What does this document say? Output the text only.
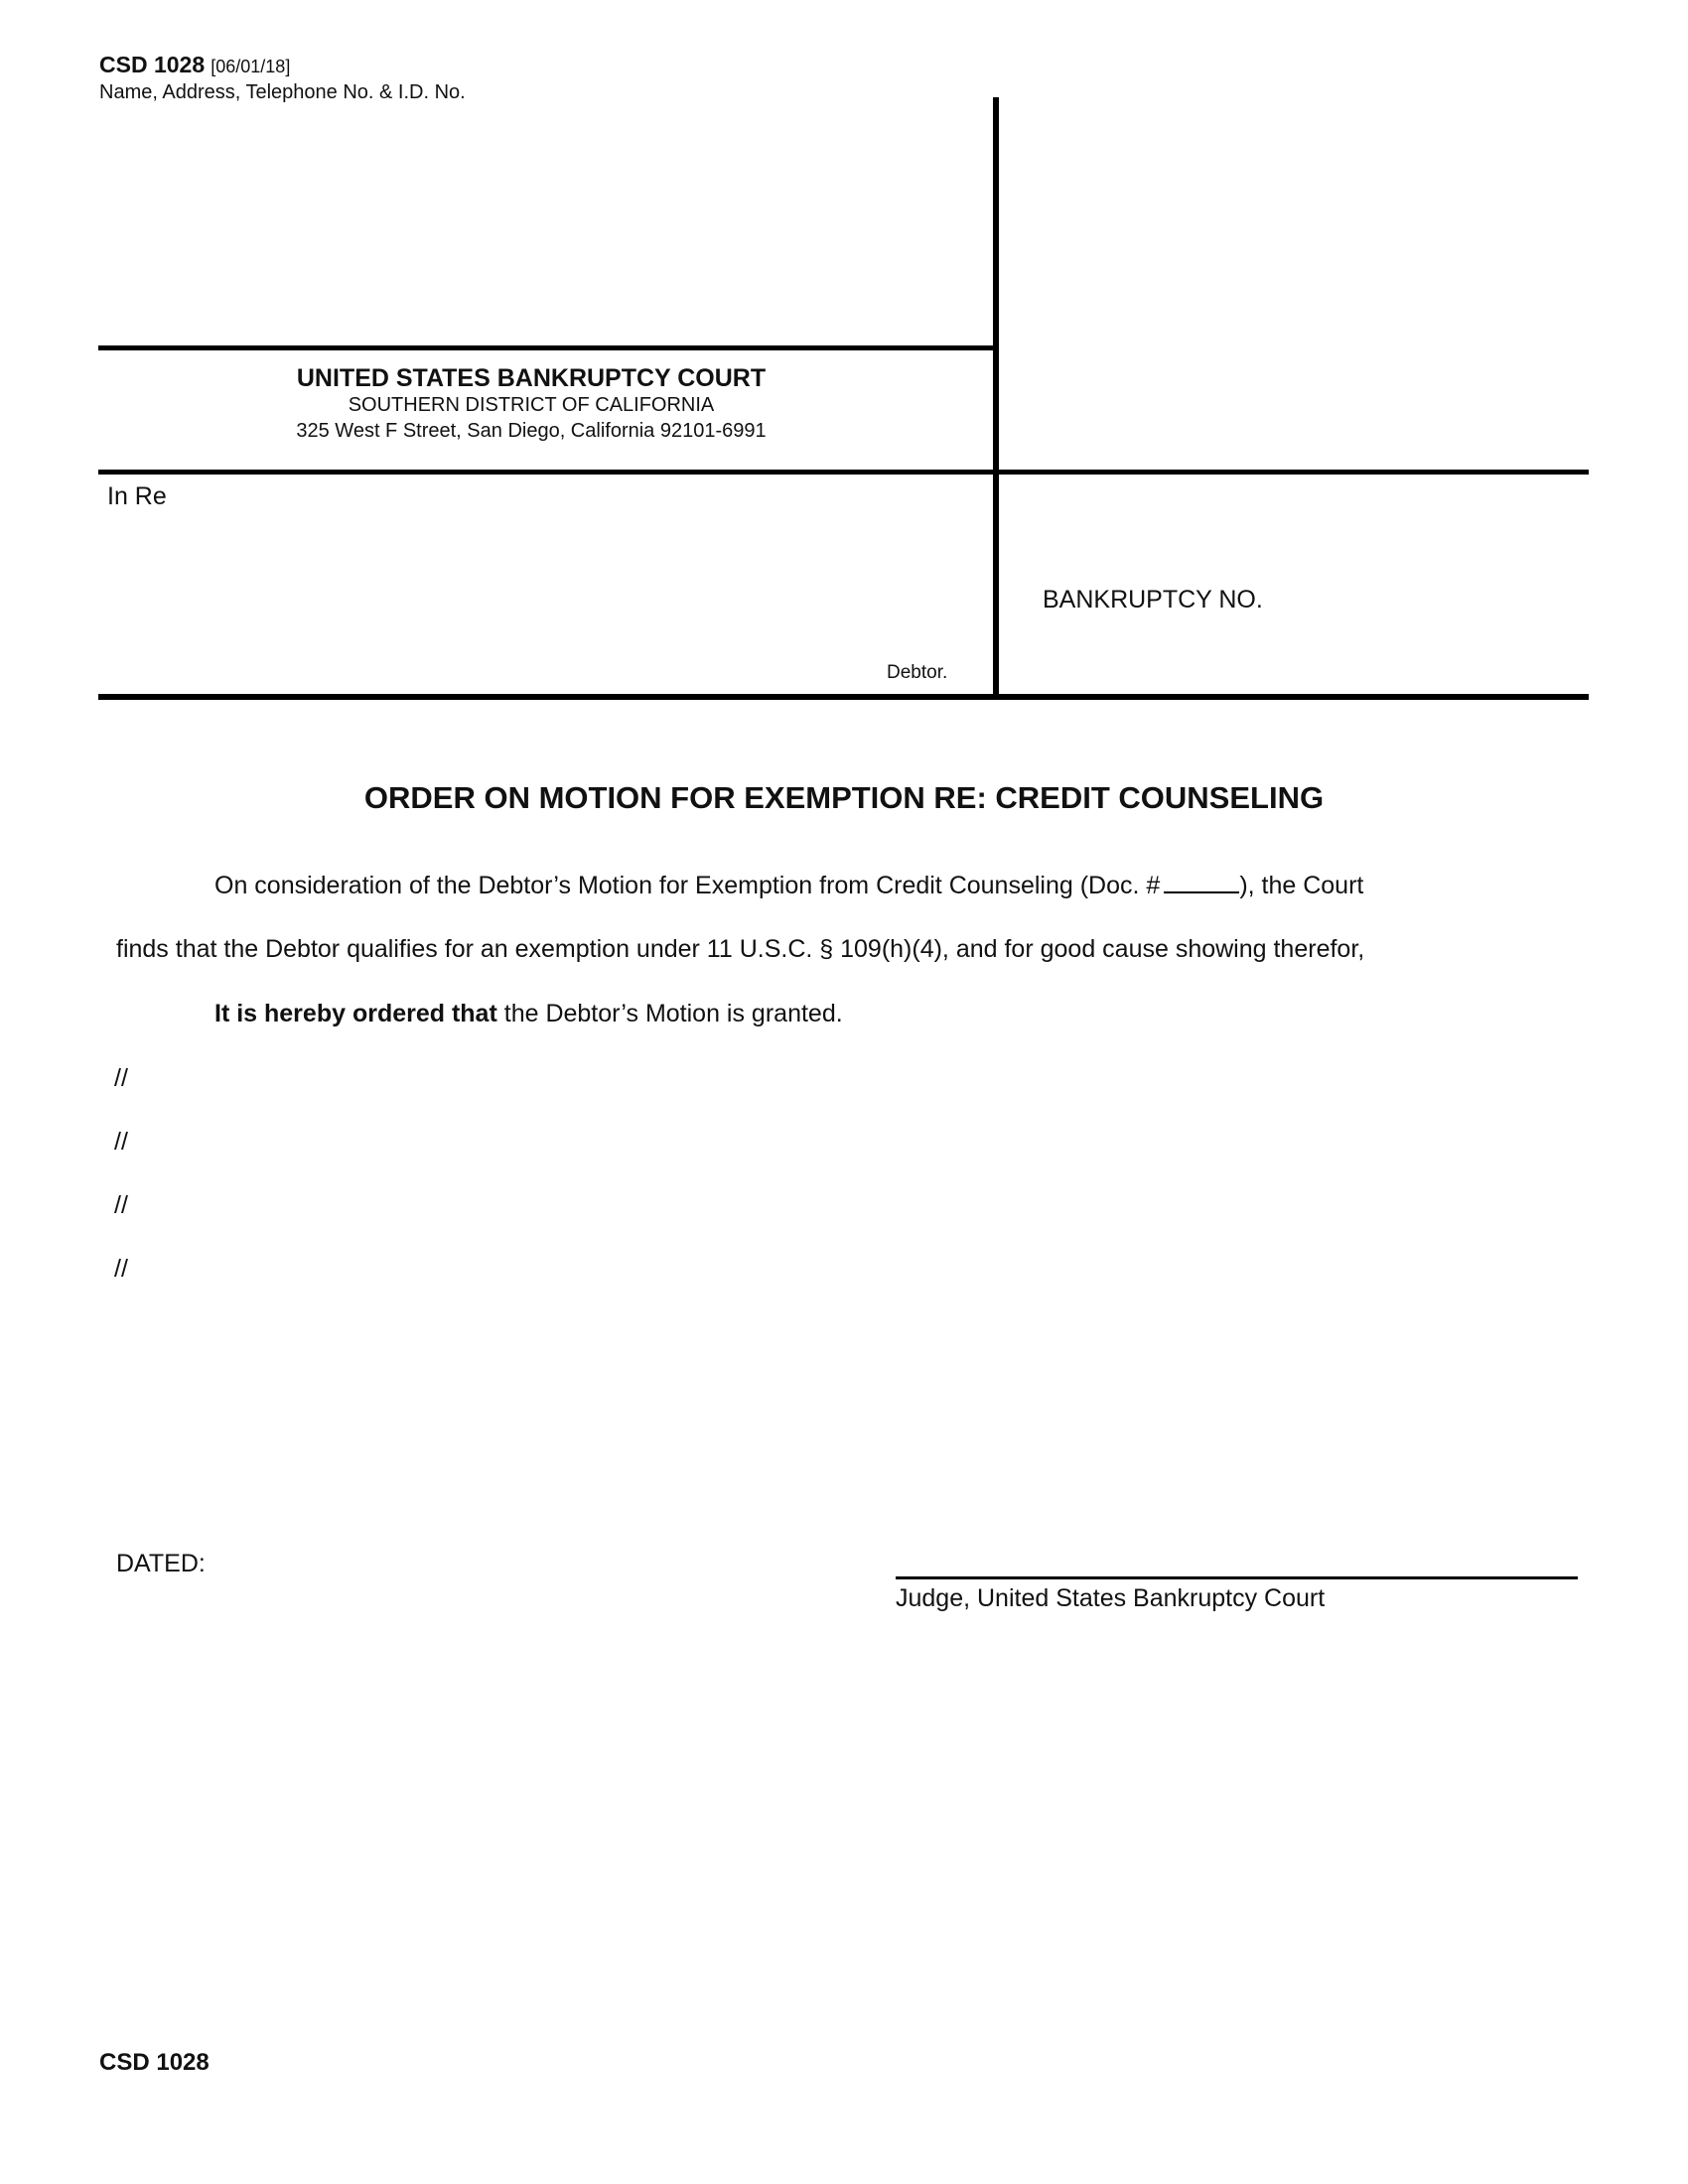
CSD 1028 [06/01/18]
Name, Address, Telephone No. & I.D. No.
UNITED STATES BANKRUPTCY COURT
SOUTHERN DISTRICT OF CALIFORNIA
325 West F Street, San Diego, California 92101-6991
In Re
Debtor.
BANKRUPTCY NO.
ORDER ON MOTION FOR EXEMPTION RE: CREDIT COUNSELING
On consideration of the Debtor’s Motion for Exemption from Credit Counseling (Doc. #	), the Court
finds that the Debtor qualifies for an exemption under 11 U.S.C. § 109(h)(4), and for good cause showing therefor,
It is hereby ordered that the Debtor’s Motion is granted.
//
//
//
//
DATED:
Judge, United States Bankruptcy Court
CSD 1028
